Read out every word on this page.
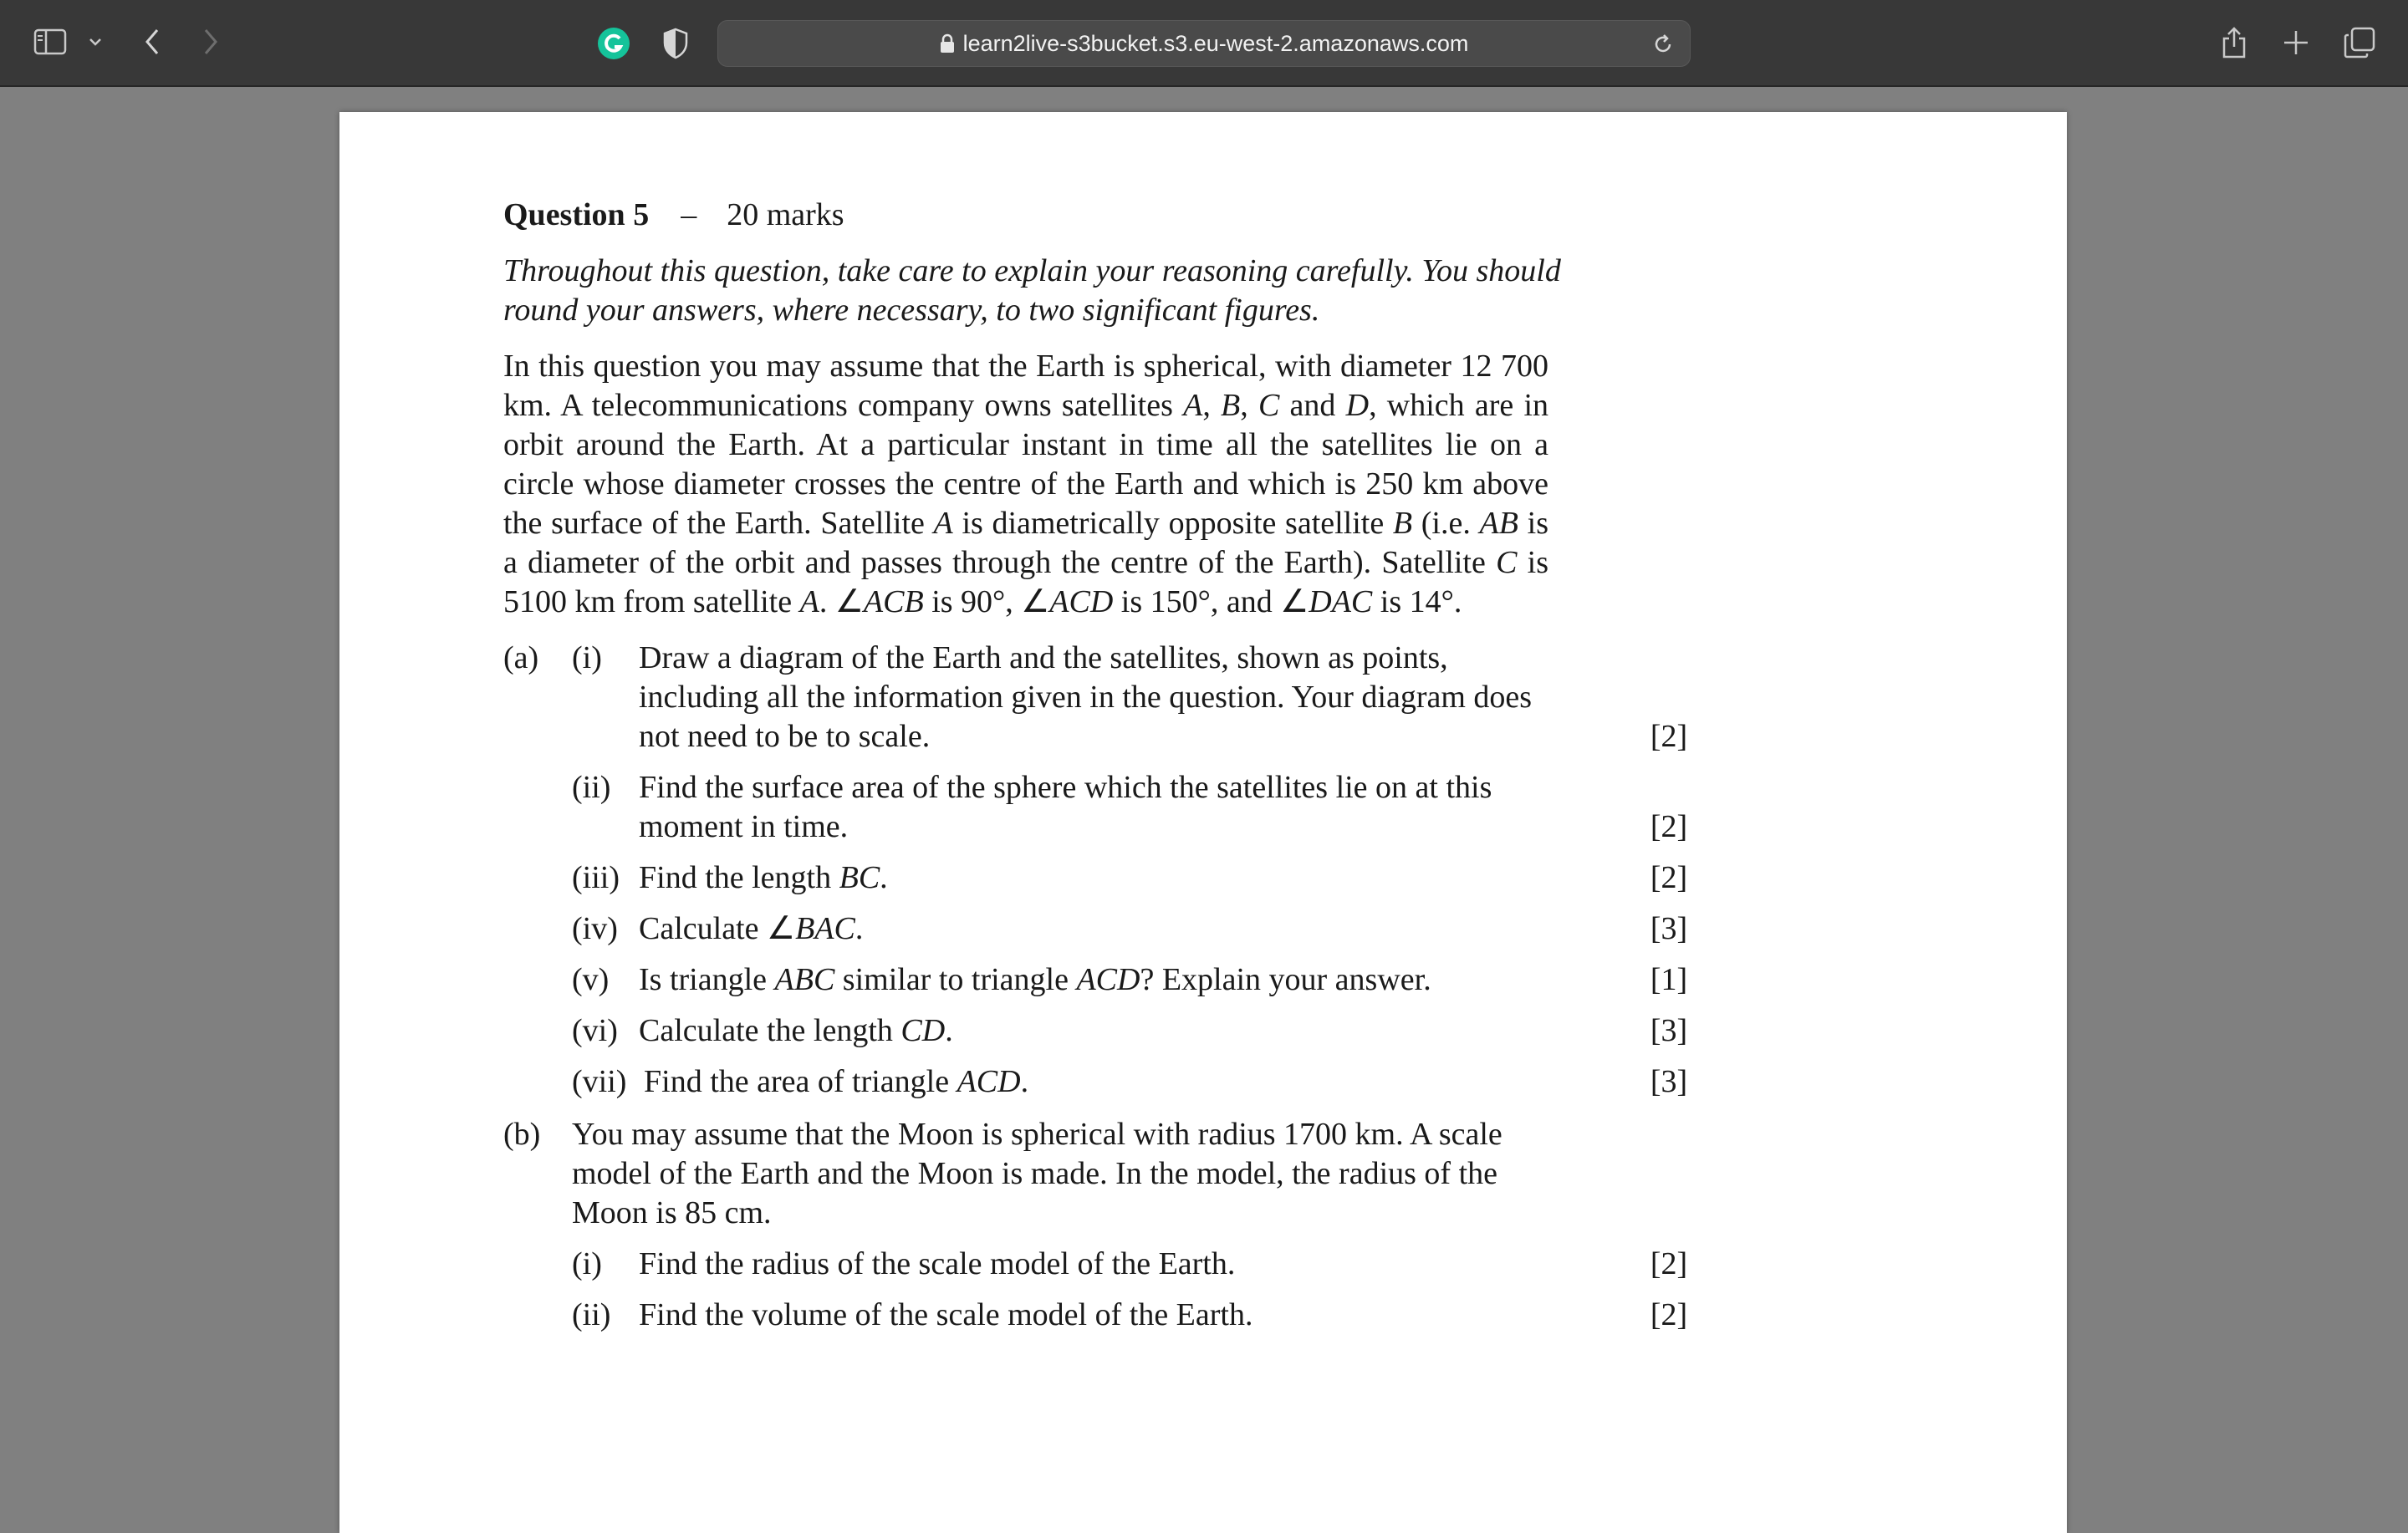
learn2live-s3bucket.s3.eu-west-2.amazonaws.com
Question 5 – 20 marks

Throughout this question, take care to explain your reasoning carefully. You should round your answers, where necessary, to two significant figures.

In this question you may assume that the Earth is spherical, with diameter 12 700 km. A telecommunications company owns satellites A, B, C and D, which are in orbit around the Earth. At a particular instant in time all the satellites lie on a circle whose diameter crosses the centre of the Earth and which is 250 km above the surface of the Earth. Satellite A is diametrically opposite satellite B (i.e. AB is a diameter of the orbit and passes through the centre of the Earth). Satellite C is 5100 km from satellite A. ∠ACB is 90°, ∠ACD is 150°, and ∠DAC is 14°.

(a) (i) Draw a diagram of the Earth and the satellites, shown as points, including all the information given in the question. Your diagram does not need to be to scale.	[2]
(ii) Find the surface area of the sphere which the satellites lie on at this moment in time.	[2]
(iii) Find the length BC.	[2]
(iv) Calculate ∠BAC.	[3]
(v) Is triangle ABC similar to triangle ACD? Explain your answer.	[1]
(vi) Calculate the length CD.	[3]
(vii) Find the area of triangle ACD.	[3]
(b) You may assume that the Moon is spherical with radius 1700 km. A scale model of the Earth and the Moon is made. In the model, the radius of the Moon is 85 cm.
(i) Find the radius of the scale model of the Earth.	[2]
(ii) Find the volume of the scale model of the Earth.	[2]
